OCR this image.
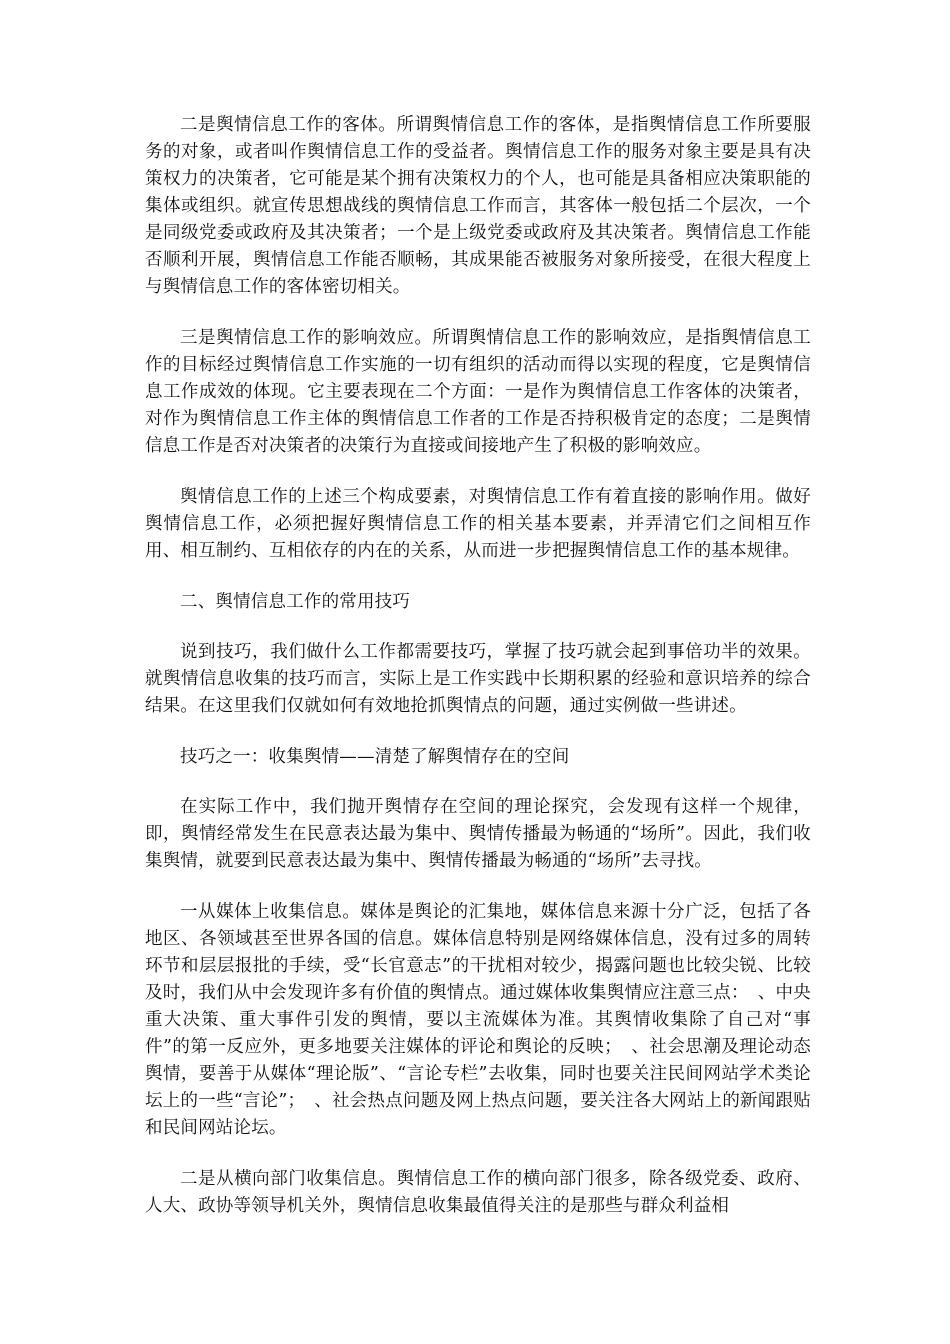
二是舆情信息工作的客体。所谓舆情信息工作的客体，是指舆情信息工作所要服务的对象，或者叫作舆情信息工作的受益者。舆情信息工作的服务对象主要是具有决策权力的决策者，它可能是某个拥有决策权力的个人，也可能是具备相应决策职能的集体或组织。就宣传思想战线的舆情信息工作而言，其客体一般包括二个层次，一个是同级党委或政府及其决策者；一个是上级党委或政府及其决策者。舆情信息工作能否顺利开展，舆情信息工作能否顺畅，其成果能否被服务对象所接受，在很大程度上与舆情信息工作的客体密切相关。

三是舆情信息工作的影响效应。所谓舆情信息工作的影响效应，是指舆情信息工作的目标经过舆情信息工作实施的一切有组织的活动而得以实现的程度，它是舆情信息工作成效的体现。它主要表现在二个方面：一是作为舆情信息工作客体的决策者，对作为舆情信息工作主体的舆情信息工作者的工作是否持积极肯定的态度；二是舆情信息工作是否对决策者的决策行为直接或间接地产生了积极的影响效应。

舆情信息工作的上述三个构成要素，对舆情信息工作有着直接的影响作用。做好舆情信息工作，必须把握好舆情信息工作的相关基本要素，并弄清它们之间相互作用、相互制约、互相依存的内在的关系，从而进一步把握舆情信息工作的基本规律。

二、舆情信息工作的常用技巧

说到技巧，我们做什么工作都需要技巧，掌握了技巧就会起到事倍功半的效果。就舆情信息收集的技巧而言，实际上是工作实践中长期积累的经验和意识培养的综合结果。在这里我们仅就如何有效地抢抓舆情点的问题，通过实例做一些讲述。

技巧之一：收集舆情——清楚了解舆情存在的空间

在实际工作中，我们抛开舆情存在空间的理论探究，会发现有这样一个规律，即，舆情经常发生在民意表达最为集中、舆情传播最为畅通的“场所”。因此，我们收集舆情，就要到民意表达最为集中、舆情传播最为畅通的“场所”去寻找。

一从媒体上收集信息。媒体是舆论的汇集地，媒体信息来源十分广泛，包括了各地区、各领域甚至世界各国的信息。媒体信息特别是网络媒体信息，没有过多的周转环节和层层报批的手续，受“长官意志”的干扰相对较少，揭露问题也比较尖锐、比较及时，我们从中会发现许多有价值的舆情点。通过媒体收集舆情应注意三点：　、中央重大决策、重大事件引发的舆情，要以主流媒体为准。其舆情收集除了自己对“事件”的第一反应外，更多地要关注媒体的评论和舆论的反映；　、社会思潮及理论动态舆情，要善于从媒体“理论版”、“言论专栏”去收集，同时也要关注民间网站学术类论坛上的一些“言论”；　、社会热点问题及网上热点问题，要关注各大网站上的新闻跟贴和民间网站论坛。

二是从横向部门收集信息。舆情信息工作的横向部门很多，除各级党委、政府、人大、政协等领导机关外，舆情信息收集最值得关注的是那些与群众利益相
